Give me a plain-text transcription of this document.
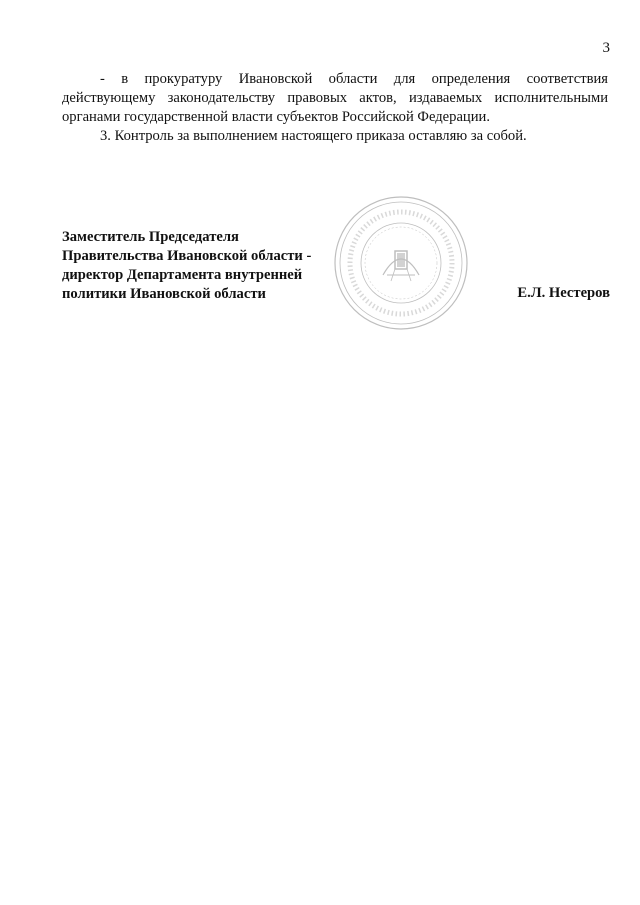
3

- в прокуратуру Ивановской области для определения соответствия действующему законодательству правовых актов, издаваемых исполнительными органами государственной власти субъектов Российской Федерации.

3. Контроль за выполнением настоящего приказа оставляю за собой.

Заместитель Председателя
Правительства Ивановской области -
директор Департамента внутренней
политики Ивановской области	Е.Л. Нестеров
